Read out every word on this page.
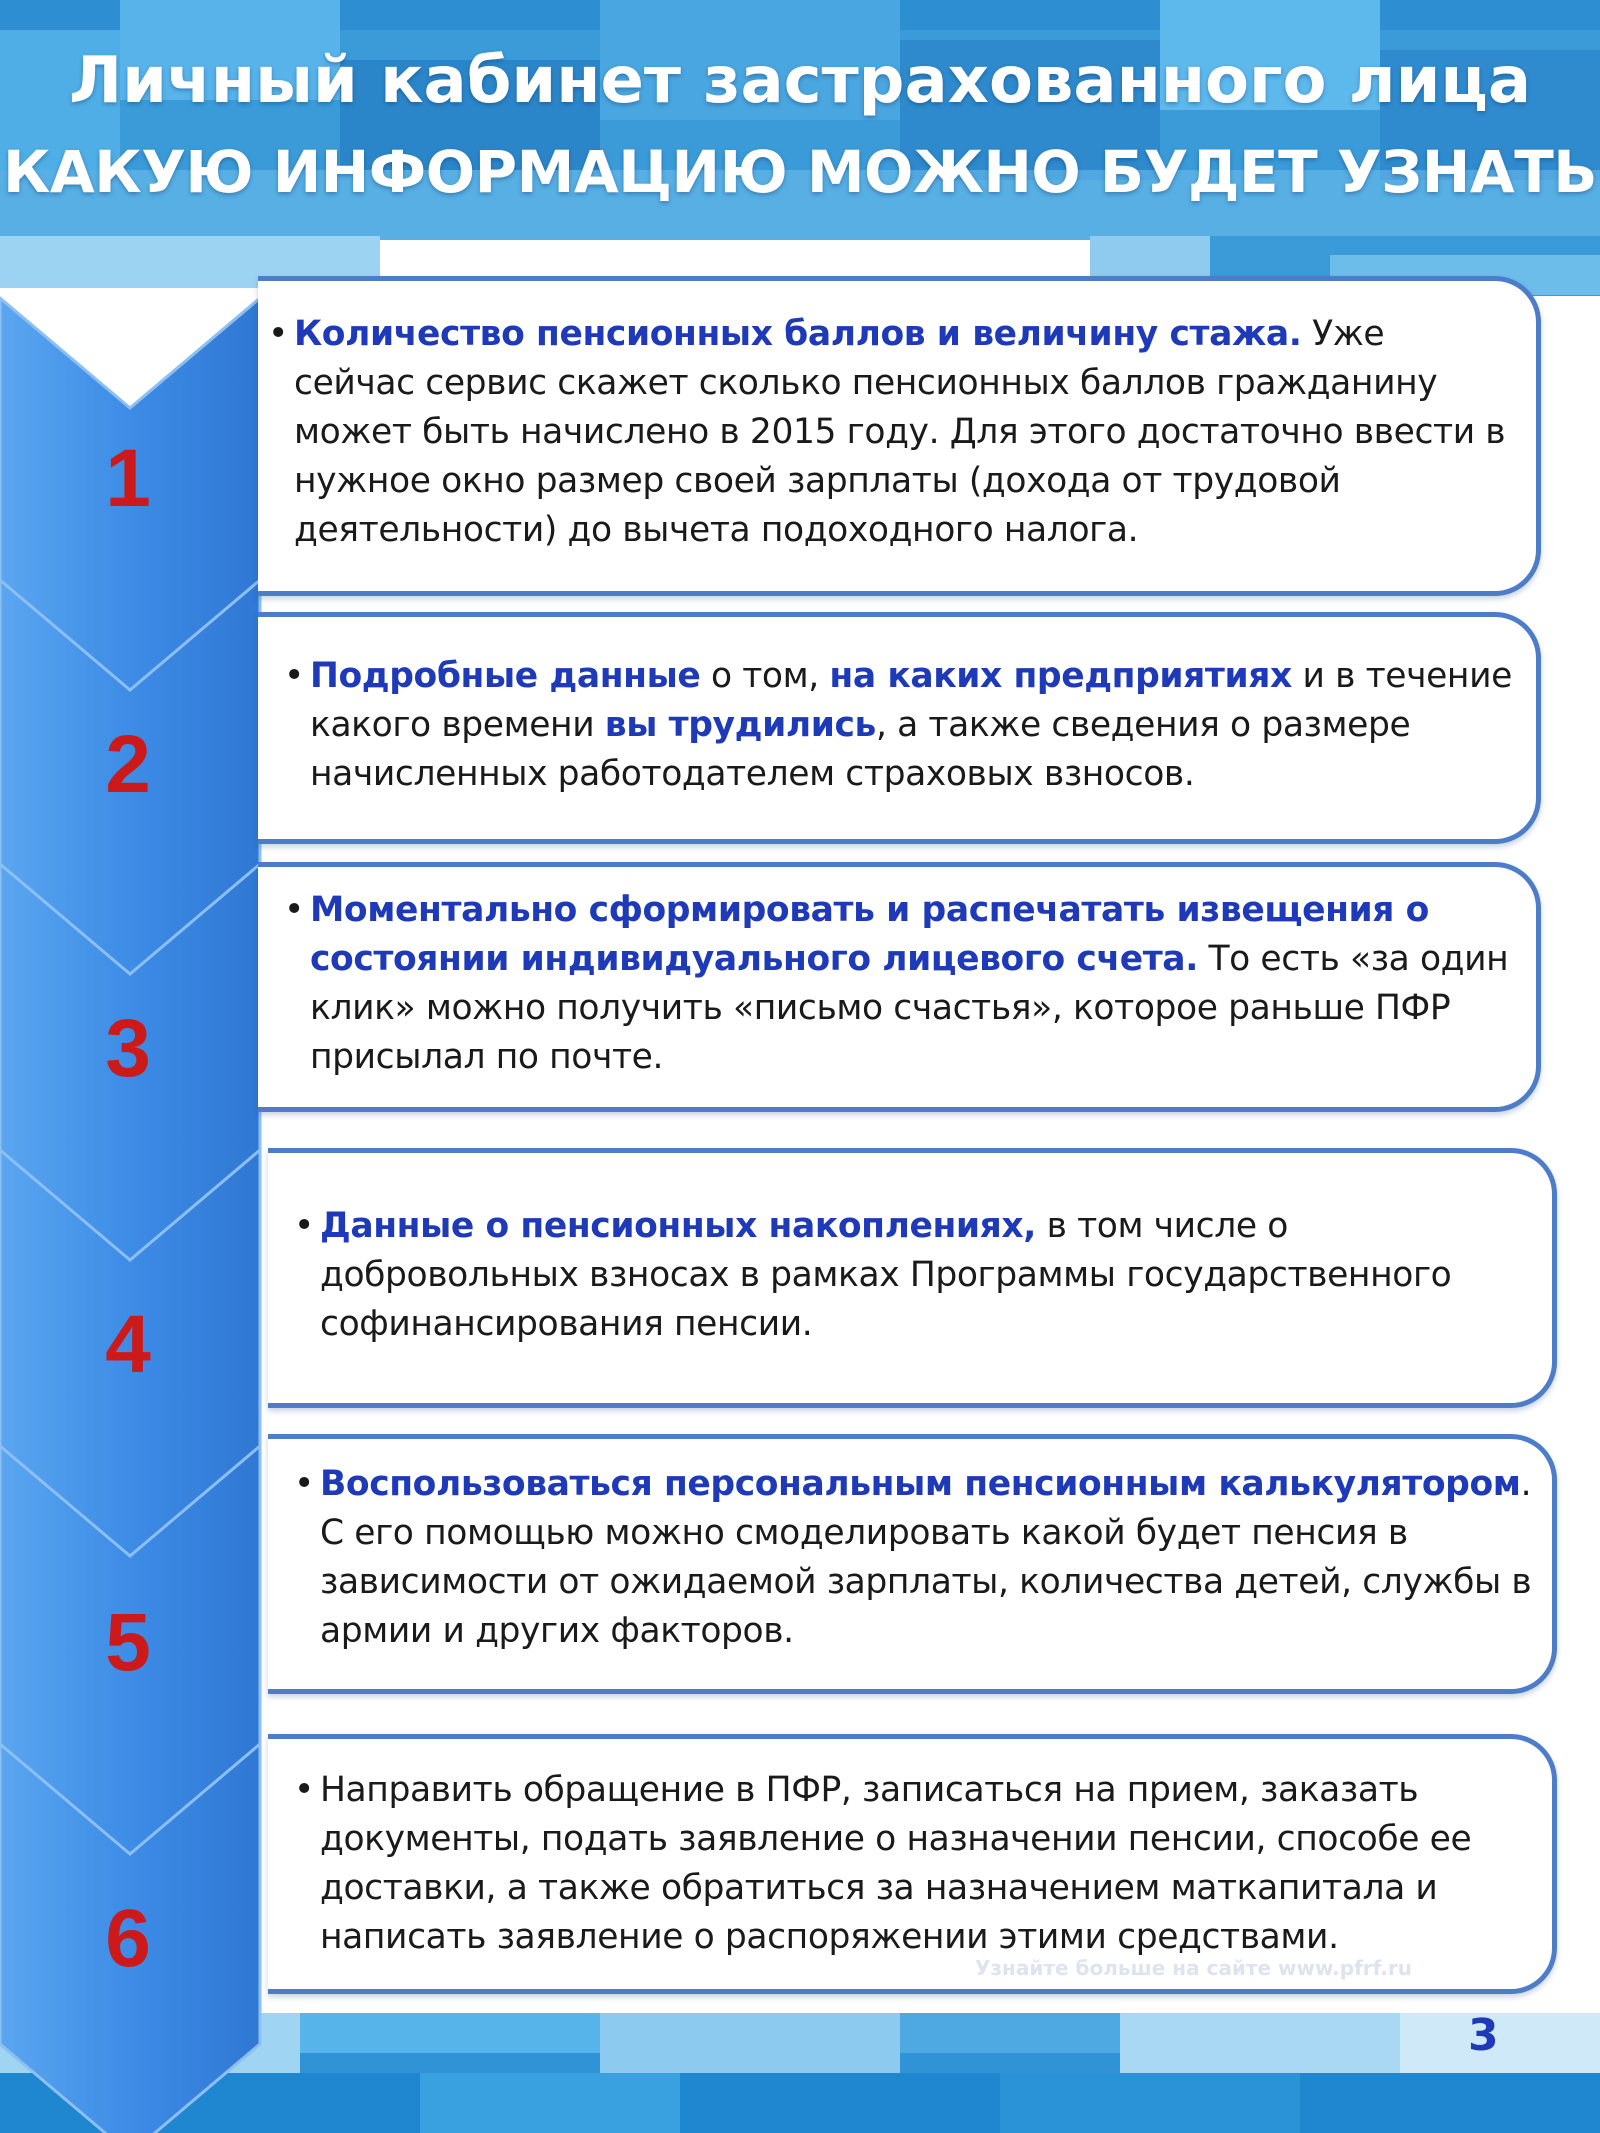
Личный кабинет застрахованного лица
КАКУЮ ИНФОРМАЦИЮ МОЖНО БУДЕТ УЗНАТЬ
1
2
3
4
5
6
• Количество пенсионных баллов и величину стажа. Уже сейчас сервис скажет сколько пенсионных баллов гражданину может быть начислено в 2015 году. Для этого достаточно ввести в нужное окно размер своей зарплаты (дохода от трудовой деятельности) до вычета подоходного налога.
• Подробные данные о том, на каких предприятиях и в течение какого времени вы трудились, а также сведения о размере начисленных работодателем страховых взносов.
• Моментально сформировать и распечатать извещения о состоянии индивидуального лицевого счета. То есть «за один клик» можно получить «письмо счастья», которое раньше ПФР присылал по почте.
• Данные о пенсионных накоплениях, в том числе о добровольных взносах в рамках Программы государственного софинансирования пенсии.
• Воспользоваться персональным пенсионным калькулятором. С его помощью можно смоделировать какой будет пенсия в зависимости от ожидаемой зарплаты, количества детей, службы в армии и других факторов.
• Направить обращение в ПФР, записаться на прием, заказать документы, подать заявление о назначении пенсии, способе ее доставки, а также обратиться за назначением маткапитала и написать заявление о распоряжении этими средствами.
Узнайте больше на сайте www.pfrf.ru
3
